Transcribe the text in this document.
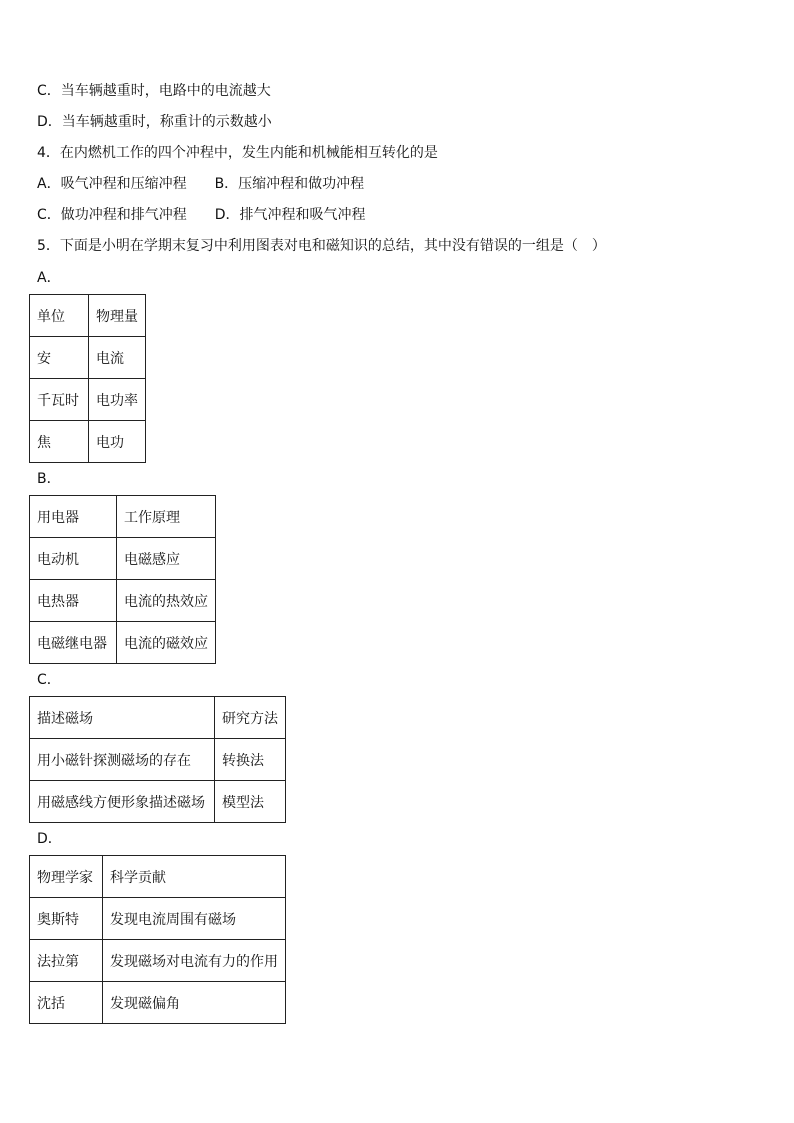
C．当车辆越重时，电路中的电流越大
D．当车辆越重时，称重计的示数越小
4．在内燃机工作的四个冲程中，发生内能和机械能相互转化的是
A．吸气冲程和压缩冲程 B．压缩冲程和做功冲程
C．做功冲程和排气冲程 D．排气冲程和吸气冲程
5．下面是小明在学期末复习中利用图表对电和磁知识的总结，其中没有错误的一组是（　）
A．
单位	物理量
安	电流
千瓦时	电功率
焦	电功
B．
用电器	工作原理
电动机	电磁感应
电热器	电流的热效应
电磁继电器	电流的磁效应
C．
描述磁场	研究方法
用小磁针探测磁场的存在	转换法
用磁感线方便形象描述磁场	模型法
D．
物理学家	科学贡献
奥斯特	发现电流周围有磁场
法拉第	发现磁场对电流有力的作用
沈括	发现磁偏角
